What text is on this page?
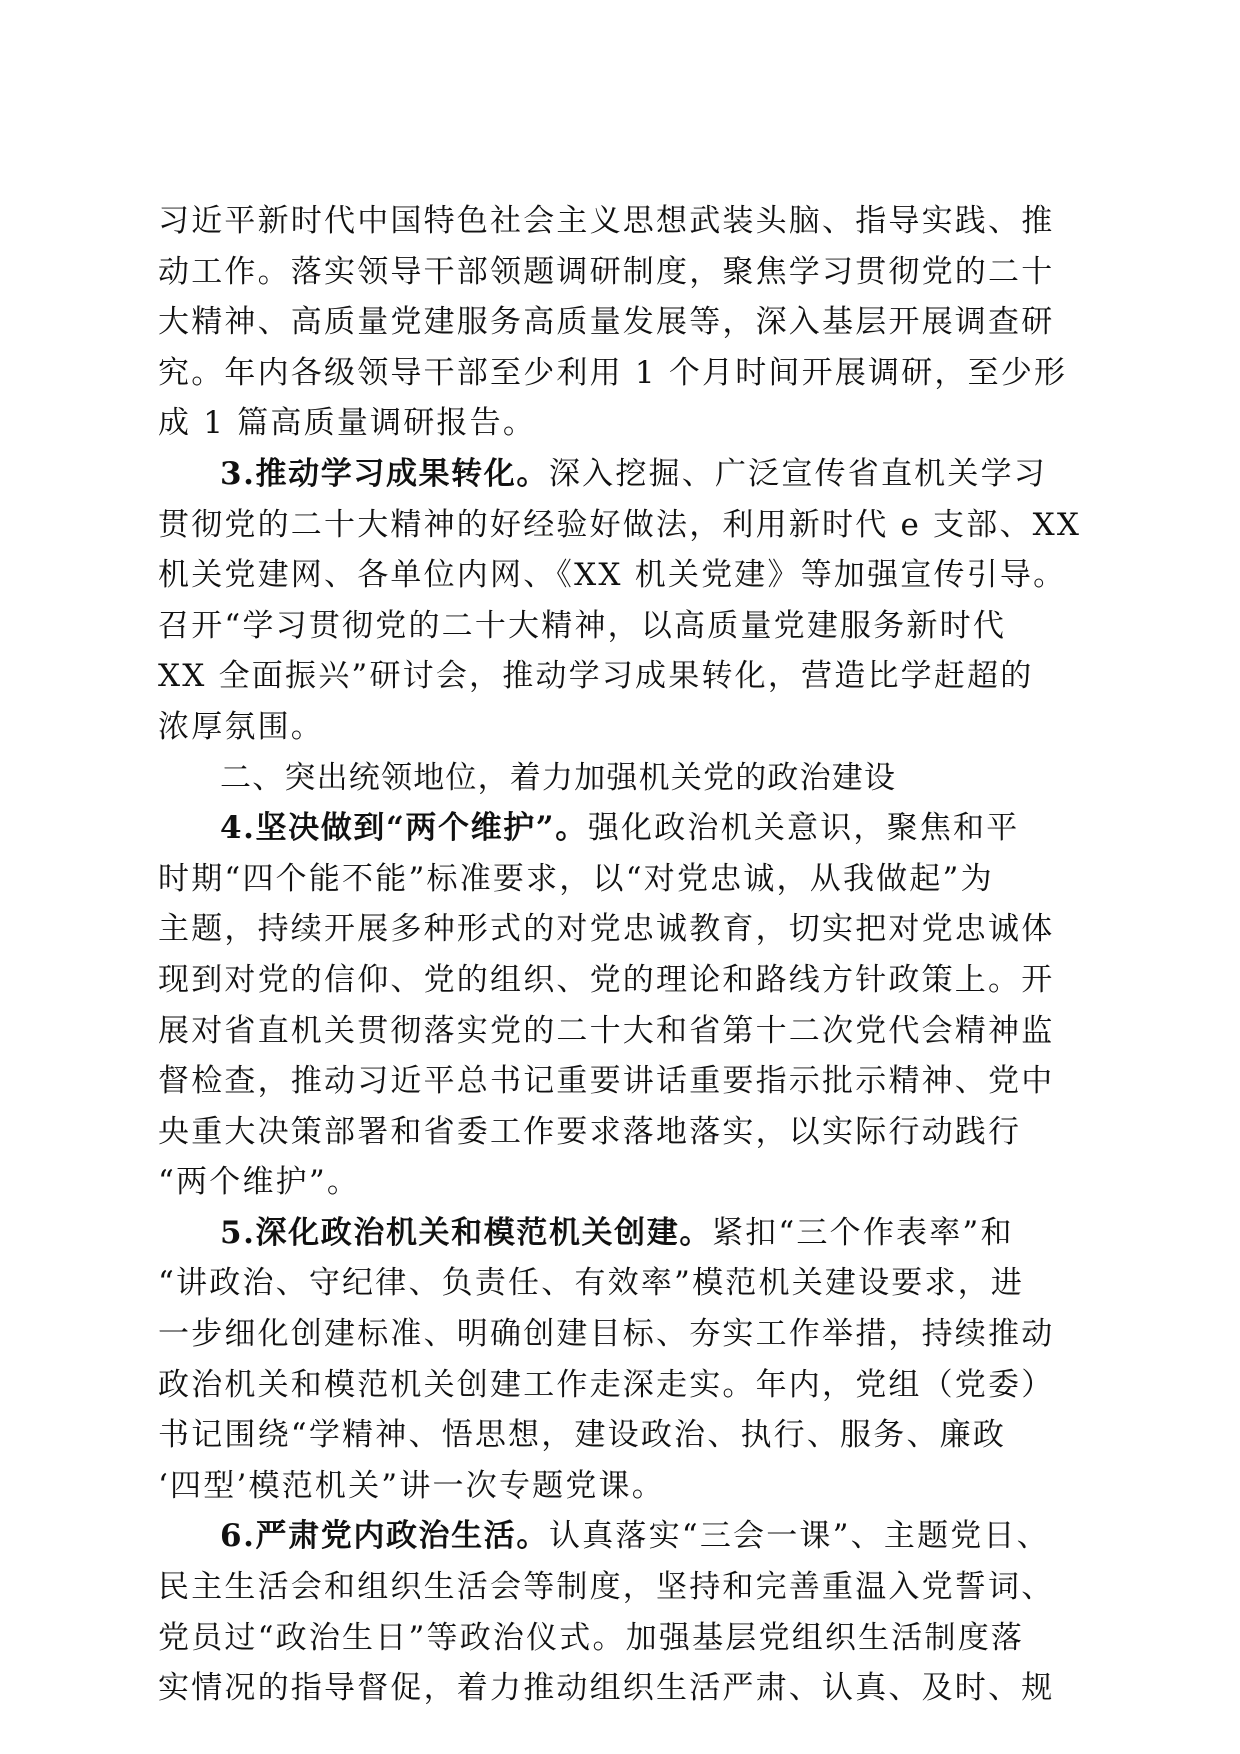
习近平新时代中国特色社会主义思想武装头脑、指导实践、推
动工作。落实领导干部领题调研制度，聚焦学习贯彻党的二十
大精神、高质量党建服务高质量发展等，深入基层开展调查研
究。年内各级领导干部至少利用 1 个月时间开展调研，至少形
成 1 篇高质量调研报告。

3.推动学习成果转化。深入挖掘、广泛宣传省直机关学习
贯彻党的二十大精神的好经验好做法，利用新时代 e 支部、XX
机关党建网、各单位内网、《XX 机关党建》等加强宣传引导。
召开“学习贯彻党的二十大精神，以高质量党建服务新时代
XX 全面振兴”研讨会，推动学习成果转化，营造比学赶超的
浓厚氛围。

二、突出统领地位，着力加强机关党的政治建设

4.坚决做到“两个维护”。强化政治机关意识，聚焦和平
时期“四个能不能”标准要求，以“对党忠诚，从我做起”为
主题，持续开展多种形式的对党忠诚教育，切实把对党忠诚体
现到对党的信仰、党的组织、党的理论和路线方针政策上。开
展对省直机关贯彻落实党的二十大和省第十二次党代会精神监
督检查，推动习近平总书记重要讲话重要指示批示精神、党中
央重大决策部署和省委工作要求落地落实，以实际行动践行
“两个维护”。

5.深化政治机关和模范机关创建。紧扣“三个作表率”和
“讲政治、守纪律、负责任、有效率”模范机关建设要求，进
一步细化创建标准、明确创建目标、夯实工作举措，持续推动
政治机关和模范机关创建工作走深走实。年内，党组（党委）
书记围绕“学精神、悟思想，建设政治、执行、服务、廉政
‘四型’模范机关”讲一次专题党课。

6.严肃党内政治生活。认真落实“三会一课”、主题党日、
民主生活会和组织生活会等制度，坚持和完善重温入党誓词、
党员过“政治生日”等政治仪式。加强基层党组织生活制度落
实情况的指导督促，着力推动组织生活严肃、认真、及时、规
